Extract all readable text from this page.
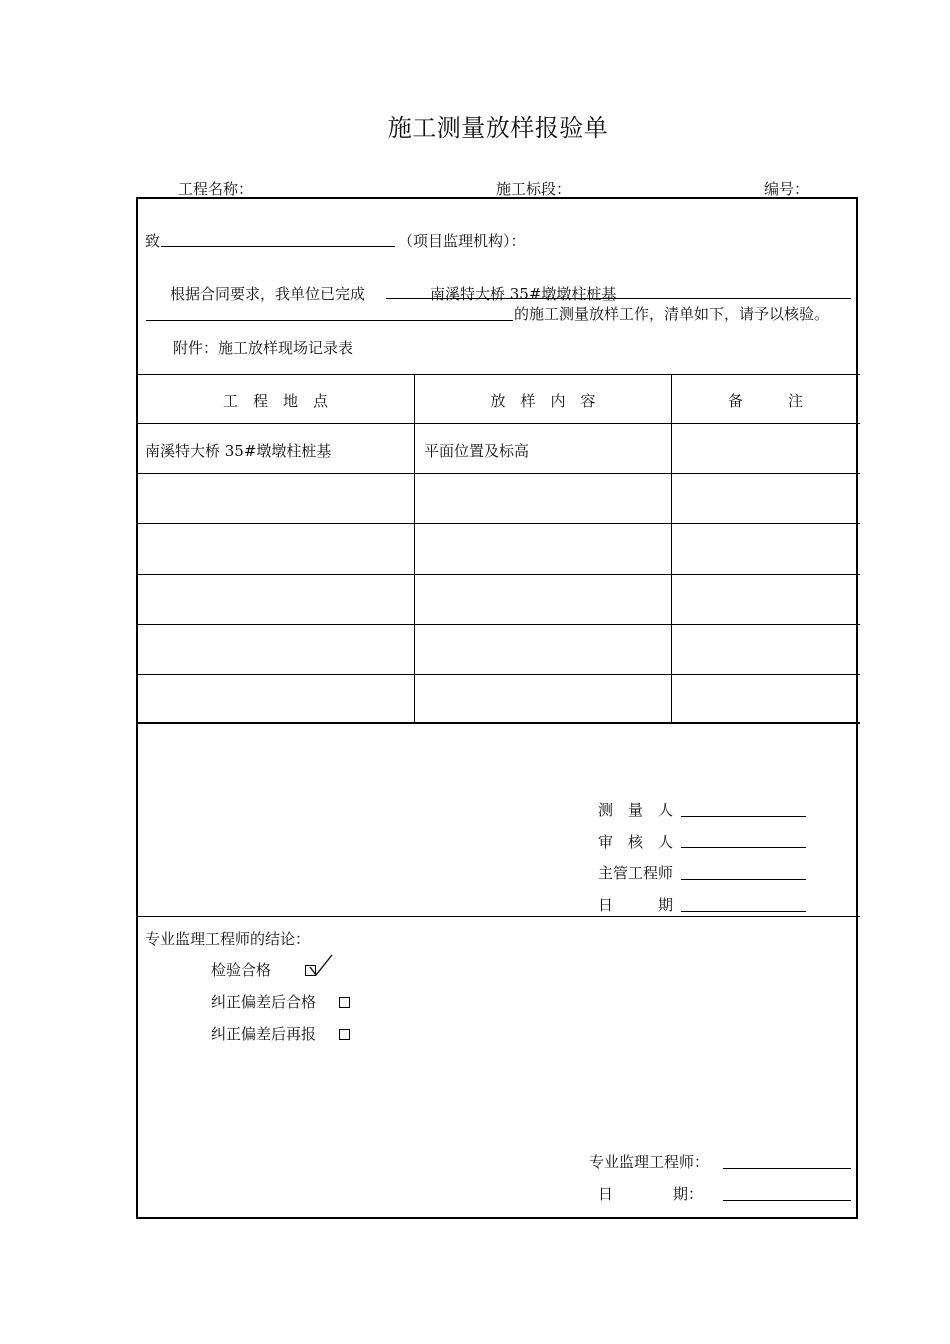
施工测量放样报验单
工程名称：	施工标段：	编号：
致	（项目监理机构）：
根据合同要求，我单位已完成	南溪特大桥 35#墩墩柱桩基
的施工测量放样工作，清单如下，请予以核验。
附件：施工放样现场记录表
工　程　地　点	放　样　内　容	备　　　注
南溪特大桥 35#墩墩柱桩基	平面位置及标高
测　量　人
审　核　人
主管工程师
日　　　期
专业监理工程师的结论：
检验合格
纠正偏差后合格
纠正偏差后再报
专业监理工程师：
日　　　　期：
